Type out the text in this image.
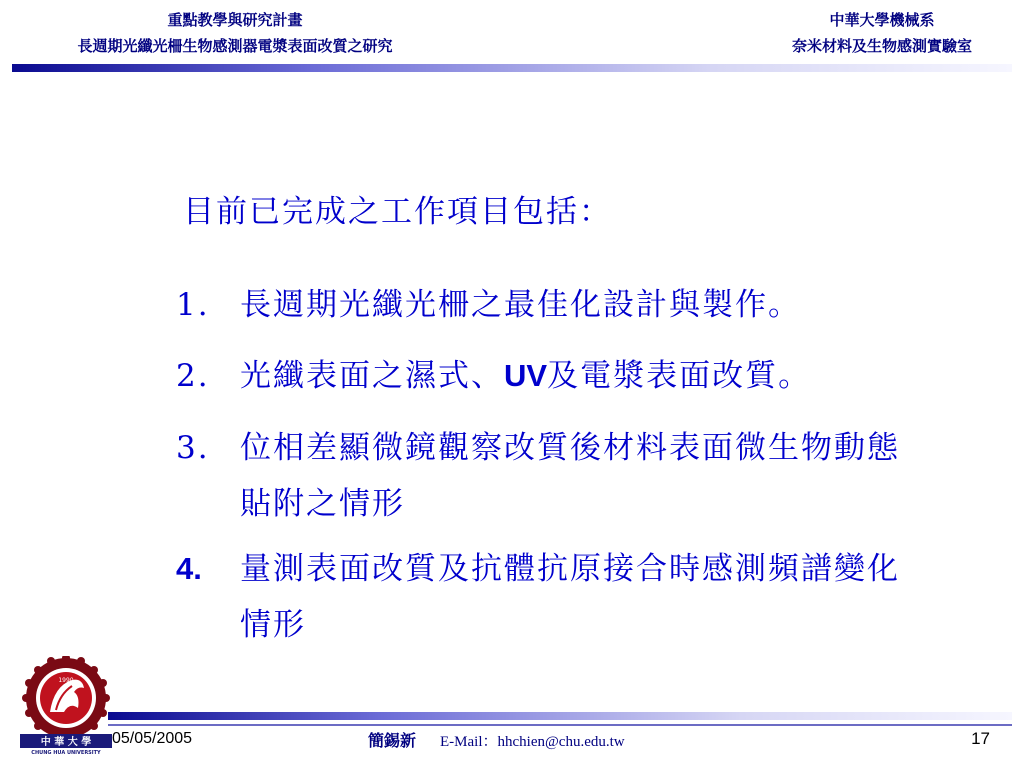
重點教學與研究計畫
長週期光纖光柵生物感測器電漿表面改質之研究
中華大學機械系
奈米材料及生物感測實驗室
目前已完成之工作項目包括：
1. 長週期光纖光柵之最佳化設計與製作。
2. 光纖表面之濕式、UV及電漿表面改質。
3. 位相差顯微鏡觀察改質後材料表面微生物動態貼附之情形
4.	量測表面改質及抗體抗原接合時感測頻譜變化情形
1990
中 華 大 學
CHUNG HUA UNIVERSITY
05/05/2005	簡錫新 E-Mail：hhchien@chu.edu.tw	17
